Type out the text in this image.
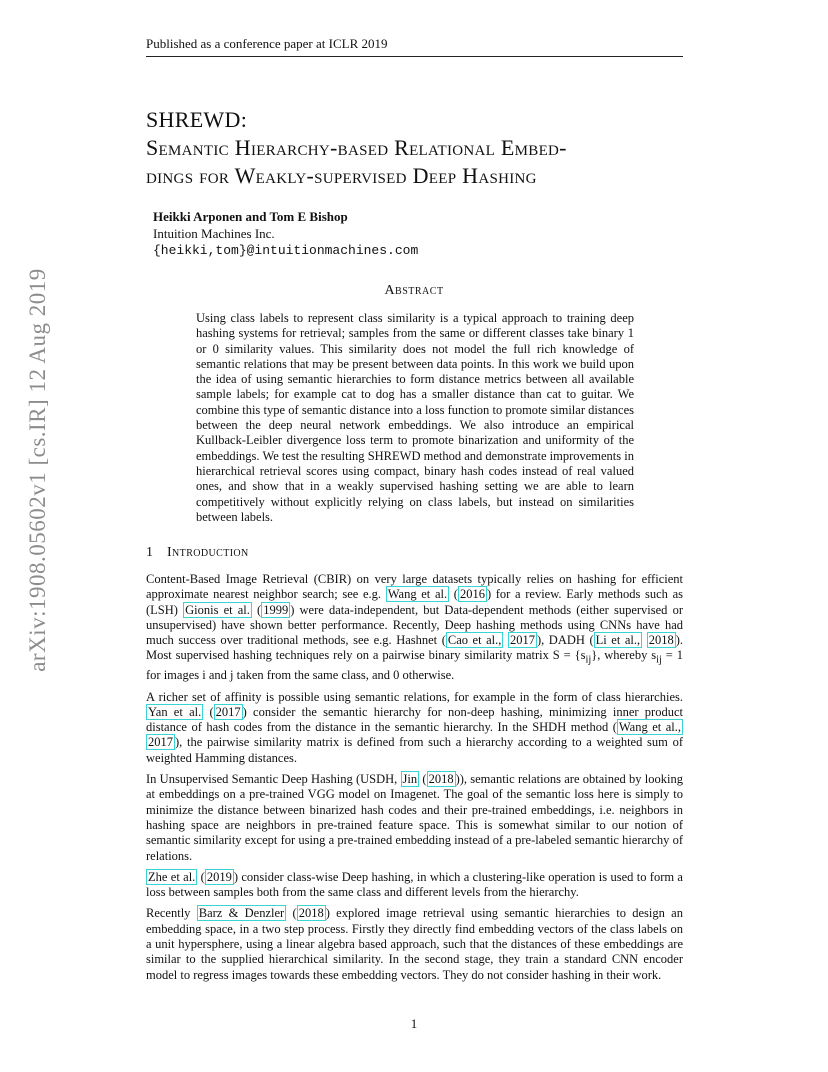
Published as a conference paper at ICLR 2019
arXiv:1908.05602v1 [cs.IR] 12 Aug 2019
SHREWD:
Semantic Hierarchy-based Relational Embed-
dings for Weakly-supervised Deep Hashing
Heikki Arponen and Tom E Bishop
Intuition Machines Inc.
{heikki,tom}@intuitionmachines.com
Abstract
Using class labels to represent class similarity is a typical approach to training deep hashing systems for retrieval; samples from the same or different classes take binary 1 or 0 similarity values. This similarity does not model the full rich knowledge of semantic relations that may be present between data points. In this work we build upon the idea of using semantic hierarchies to form distance metrics between all available sample labels; for example cat to dog has a smaller distance than cat to guitar. We combine this type of semantic distance into a loss function to promote similar distances between the deep neural network embeddings. We also introduce an empirical Kullback-Leibler divergence loss term to promote binarization and uniformity of the embeddings. We test the resulting SHREWD method and demonstrate improvements in hierarchical retrieval scores using compact, binary hash codes instead of real valued ones, and show that in a weakly supervised hashing setting we are able to learn competitively without explicitly relying on class labels, but instead on similarities between labels.
1 Introduction

Content-Based Image Retrieval (CBIR) on very large datasets typically relies on hashing for efficient approximate nearest neighbor search; see e.g. Wang et al. ( 2016 ) for a review. Early methods such as (LSH) Gionis et al. ( 1999 ) were data-independent, but Data-dependent methods (either supervised or unsupervised) have shown better performance. Recently, Deep hashing methods using CNNs have had much success over traditional methods, see e.g. Hashnet ( Cao et al., 2017 ), DADH ( Li et al., 2018 ). Most supervised hashing techniques rely on a pairwise binary similarity matrix $S = \{s_{ij}\}$, whereby $s_{ij} = 1$ for images i and j taken from the same class, and 0 otherwise.

A richer set of affinity is possible using semantic relations, for example in the form of class hierarchies. Yan et al. ( 2017 ) consider the semantic hierarchy for non-deep hashing, minimizing inner product distance of hash codes from the distance in the semantic hierarchy. In the SHDH method ( Wang et al., 2017 ), the pairwise similarity matrix is defined from such a hierarchy according to a weighted sum of weighted Hamming distances.

In Unsupervised Semantic Deep Hashing (USDH, Jin ( 2018 )), semantic relations are obtained by looking at embeddings on a pre-trained VGG model on Imagenet. The goal of the semantic loss here is simply to minimize the distance between binarized hash codes and their pre-trained embeddings, i.e. neighbors in hashing space are neighbors in pre-trained feature space. This is somewhat similar to our notion of semantic similarity except for using a pre-trained embedding instead of a pre-labeled semantic hierarchy of relations.

Zhe et al. ( 2019 ) consider class-wise Deep hashing, in which a clustering-like operation is used to form a loss between samples both from the same class and different levels from the hierarchy.

Recently Barz & Denzler ( 2018 ) explored image retrieval using semantic hierarchies to design an embedding space, in a two step process. Firstly they directly find embedding vectors of the class labels on a unit hypersphere, using a linear algebra based approach, such that the distances of these embeddings are similar to the supplied hierarchical similarity. In the second stage, they train a standard CNN encoder model to regress images towards these embedding vectors. They do not consider hashing in their work.

1
